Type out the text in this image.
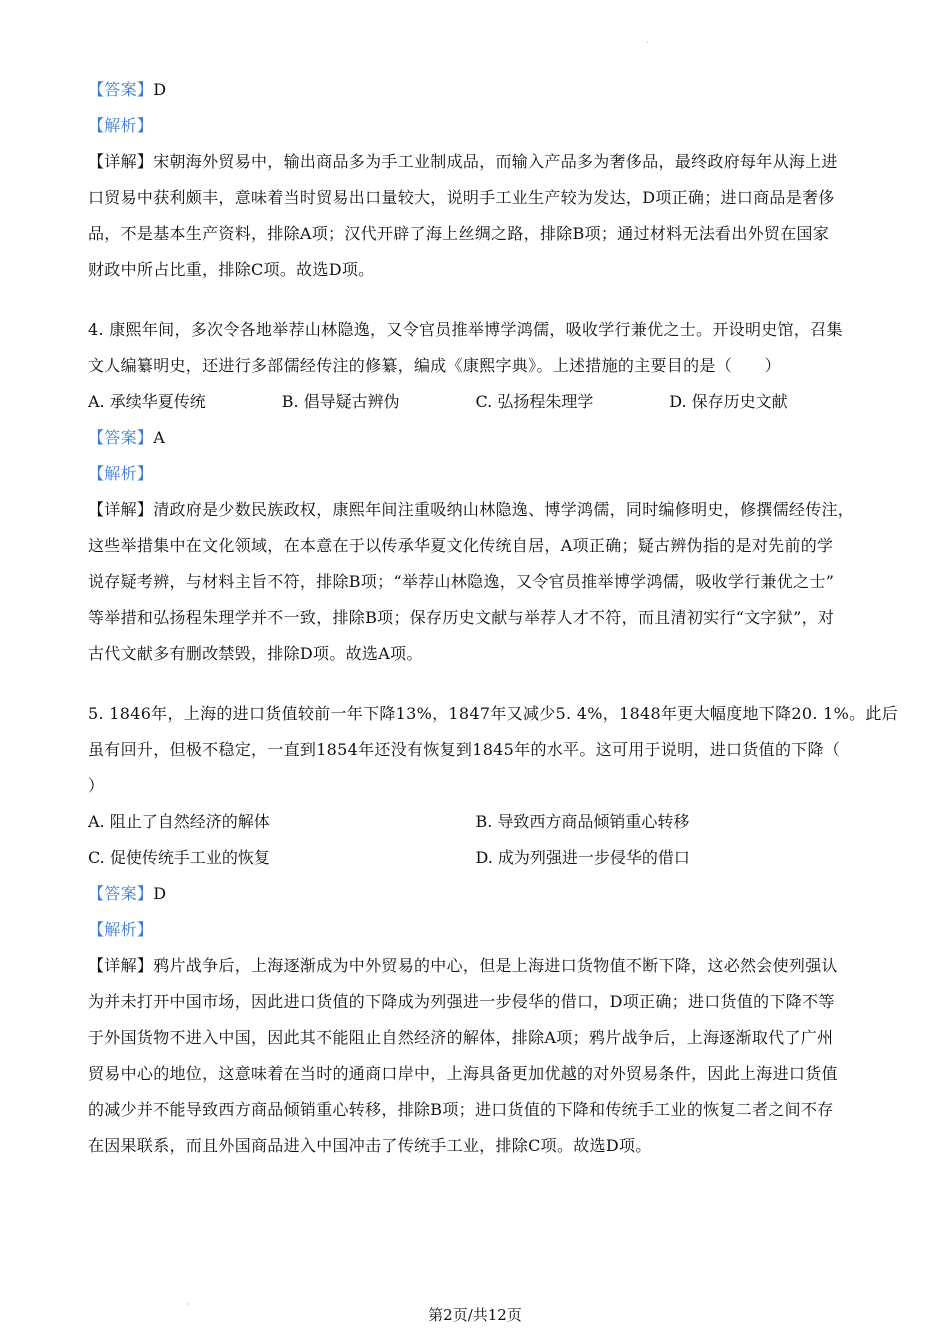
·
·
【答案】D
【解析】
【详解】宋朝海外贸易中，输出商品多为手工业制成品，而输入产品多为奢侈品，最终政府每年从海上进
口贸易中获利颇丰，意味着当时贸易出口量较大，说明手工业生产较为发达，D项正确；进口商品是奢侈
品，不是基本生产资料，排除A项；汉代开辟了海上丝绸之路，排除B项；通过材料无法看出外贸在国家
财政中所占比重，排除C项。故选D项。
4. 康熙年间，多次令各地举荐山林隐逸，又令官员推举博学鸿儒，吸收学行兼优之士。开设明史馆，召集
文人编纂明史，还进行多部儒经传注的修纂，编成《康熙字典》。上述措施的主要目的是（　　）
A. 承续华夏传统	B. 倡导疑古辨伪	C. 弘扬程朱理学	D. 保存历史文献
【答案】A
【解析】
【详解】清政府是少数民族政权，康熙年间注重吸纳山林隐逸、博学鸿儒，同时编修明史，修撰儒经传注，
这些举措集中在文化领域，在本意在于以传承华夏文化传统自居，A项正确；疑古辨伪指的是对先前的学
说存疑考辨，与材料主旨不符，排除B项；“举荐山林隐逸，又令官员推举博学鸿儒，吸收学行兼优之士”
等举措和弘扬程朱理学并不一致，排除B项；保存历史文献与举荐人才不符，而且清初实行“文字狱”，对
古代文献多有删改禁毁，排除D项。故选A项。
5. 1846年，上海的进口货值较前一年下降13%，1847年又减少5. 4%，1848年更大幅度地下降20. 1%。此后
虽有回升，但极不稳定，一直到1854年还没有恢复到1845年的水平。这可用于说明，进口货值的下降（
）
A. 阻止了自然经济的解体	B. 导致西方商品倾销重心转移
C. 促使传统手工业的恢复	D. 成为列强进一步侵华的借口
【答案】D
【解析】
【详解】鸦片战争后，上海逐渐成为中外贸易的中心，但是上海进口货物值不断下降，这必然会使列强认
为并未打开中国市场，因此进口货值的下降成为列强进一步侵华的借口，D项正确；进口货值的下降不等
于外国货物不进入中国，因此其不能阻止自然经济的解体，排除A项；鸦片战争后，上海逐渐取代了广州
贸易中心的地位，这意味着在当时的通商口岸中，上海具备更加优越的对外贸易条件，因此上海进口货值
的减少并不能导致西方商品倾销重心转移，排除B项；进口货值的下降和传统手工业的恢复二者之间不存
在因果联系，而且外国商品进入中国冲击了传统手工业，排除C项。故选D项。
第2页/共12页
